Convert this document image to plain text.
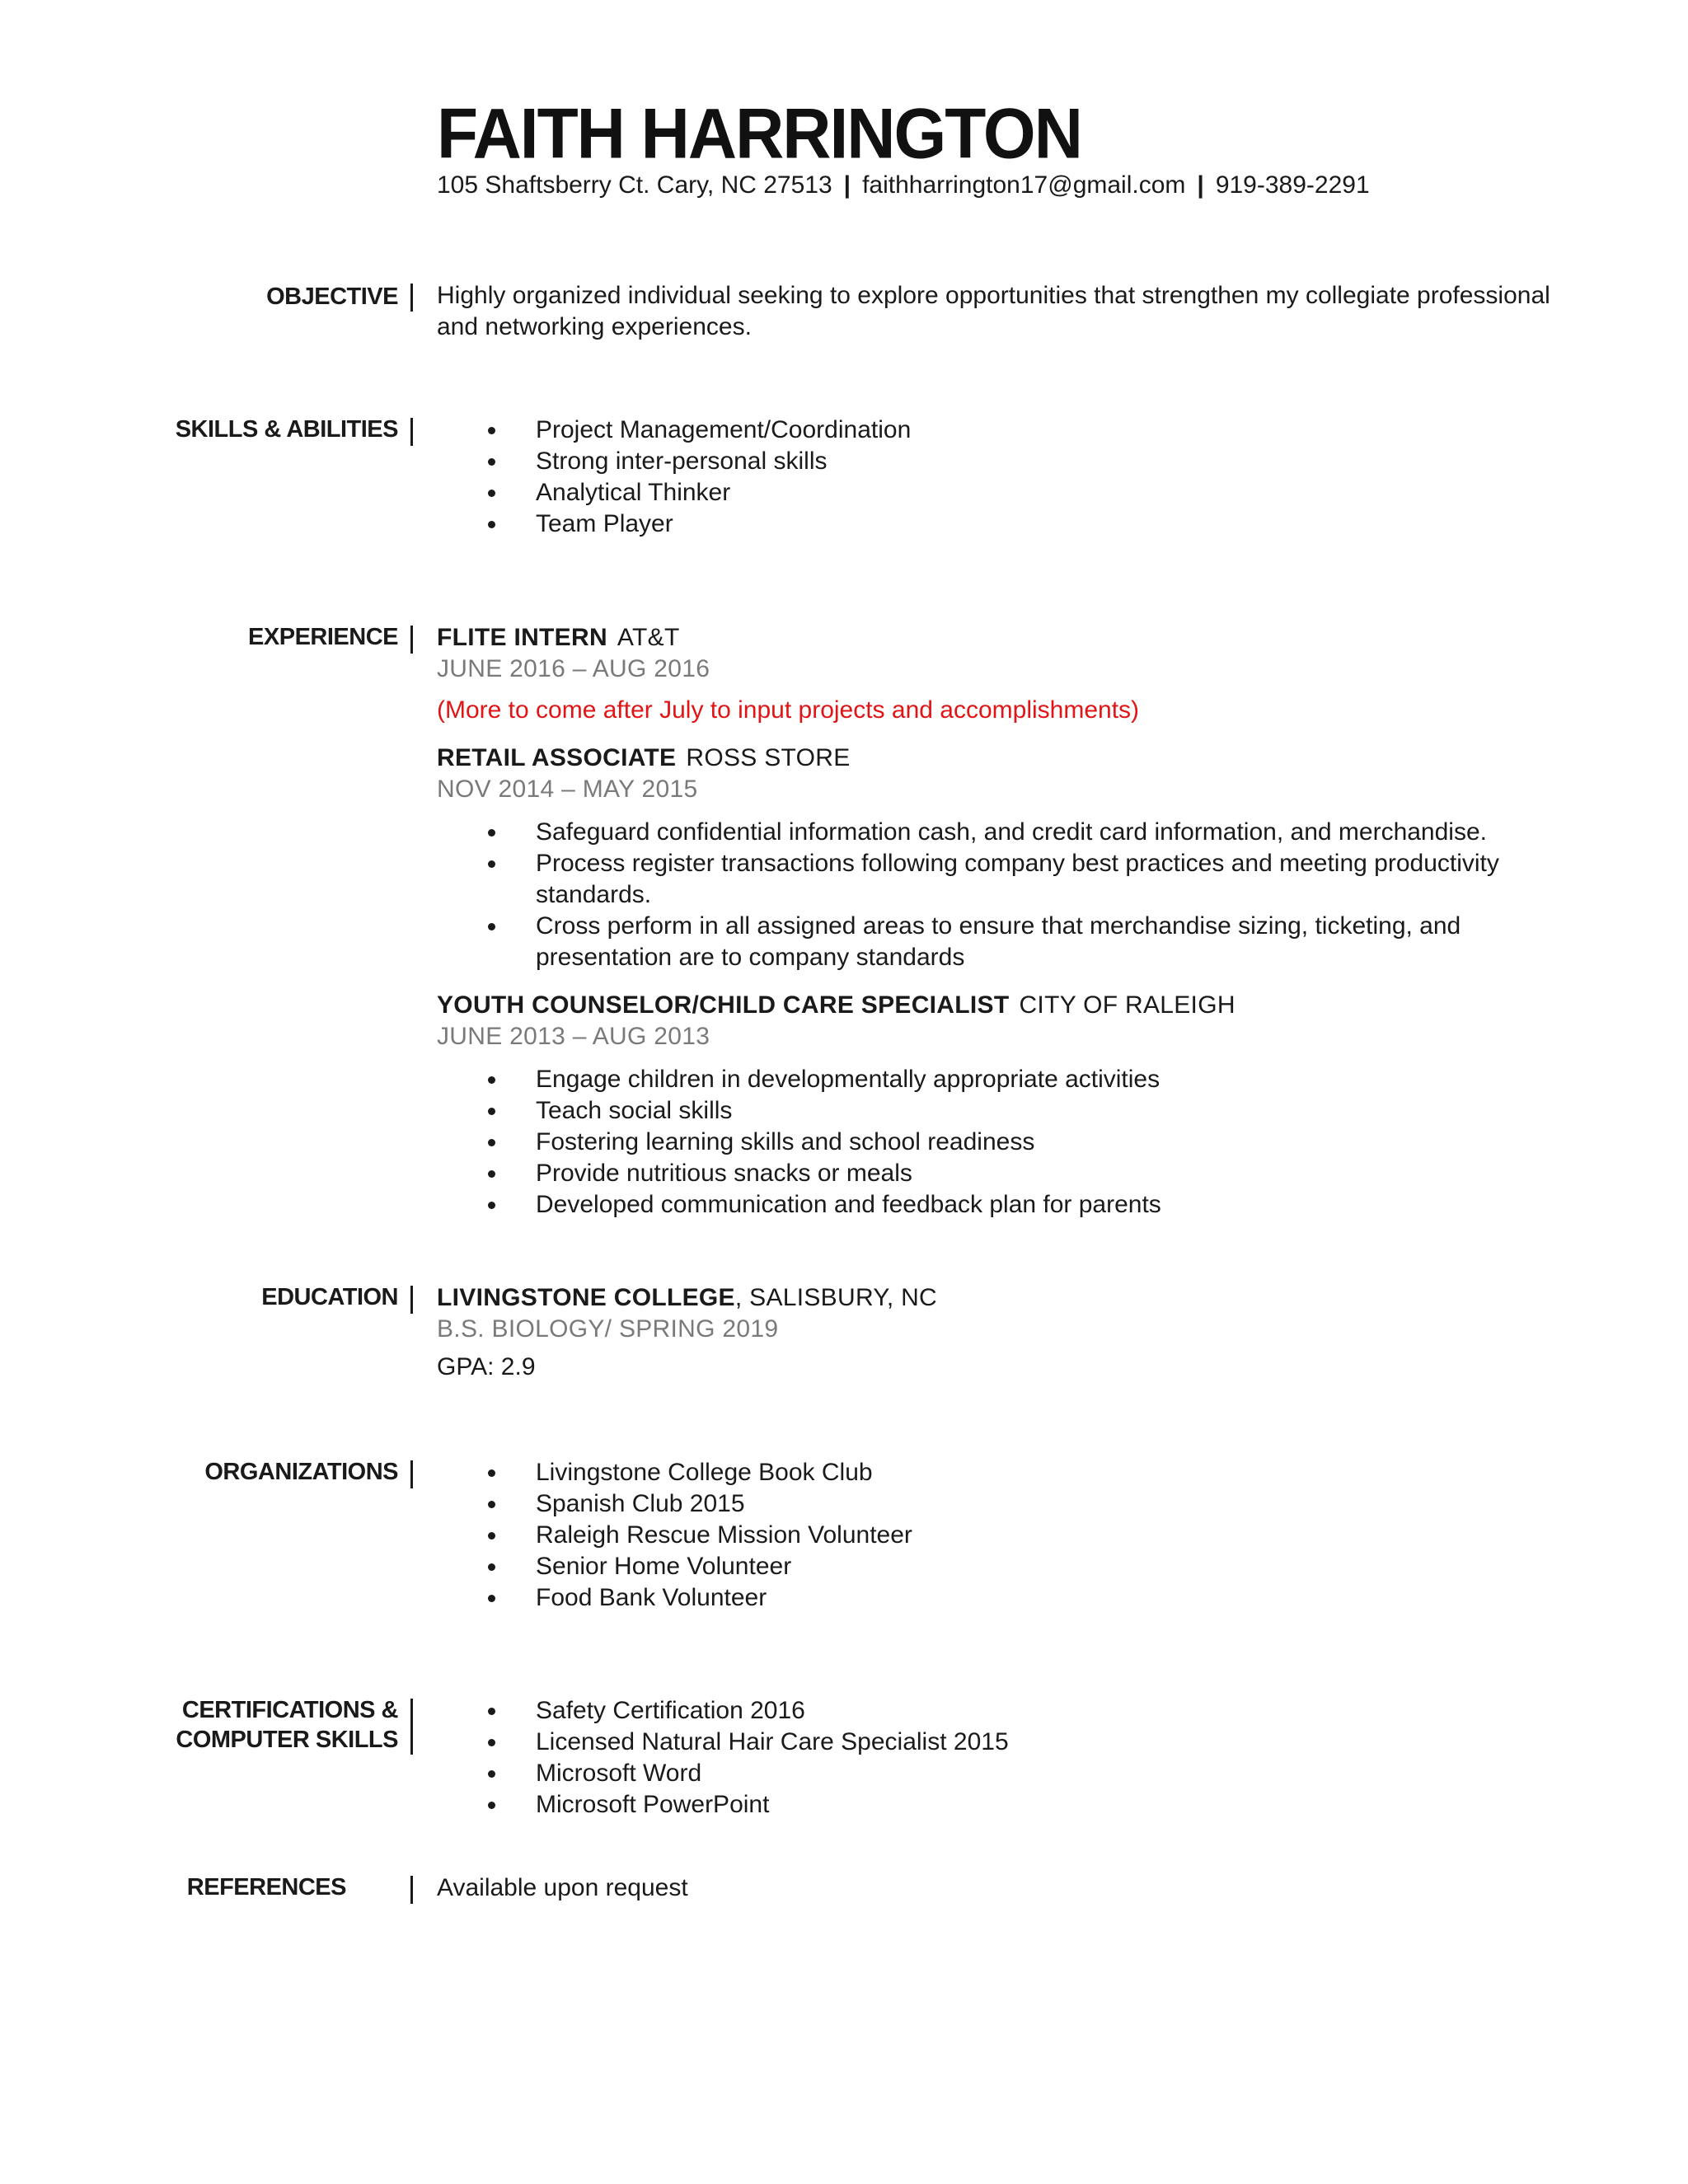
FAITH HARRINGTON
105 Shaftsberry Ct. Cary, NC 27513 | faithharrington17@gmail.com | 919-389-2291
OBJECTIVE Highly organized individual seeking to explore opportunities that strengthen my collegiate professional and networking experiences.

SKILLS & ABILITIES	Project Management/Coordination
Strong inter-personal skills
Analytical Thinker
Team Player
EXPERIENCE FLITE INTERN AT&T
JUNE 2016 – AUG 2016
(More to come after July to input projects and accomplishments)
RETAIL ASSOCIATE ROSS STORE
NOV 2014 – MAY 2015
Safeguard confidential information cash, and credit card information, and merchandise.
Process register transactions following company best practices and meeting productivity standards.
Cross perform in all assigned areas to ensure that merchandise sizing, ticketing, and presentation are to company standards
YOUTH COUNSELOR/CHILD CARE SPECIALIST CITY OF RALEIGH
JUNE 2013 – AUG 2013
Engage children in developmentally appropriate activities
Teach social skills
Fostering learning skills and school readiness
Provide nutritious snacks or meals
Developed communication and feedback plan for parents
EDUCATION LIVINGSTONE COLLEGE, SALISBURY, NC
B.S. BIOLOGY/ SPRING 2019
GPA: 2.9
ORGANIZATIONS	Livingstone College Book Club
Spanish Club 2015
Raleigh Rescue Mission Volunteer
Senior Home Volunteer
Food Bank Volunteer
CERTIFICATIONS &
COMPUTER SKILLS
Safety Certification 2016
Licensed Natural Hair Care Specialist 2015
Microsoft Word
Microsoft PowerPoint
REFERENCES	Available upon request
